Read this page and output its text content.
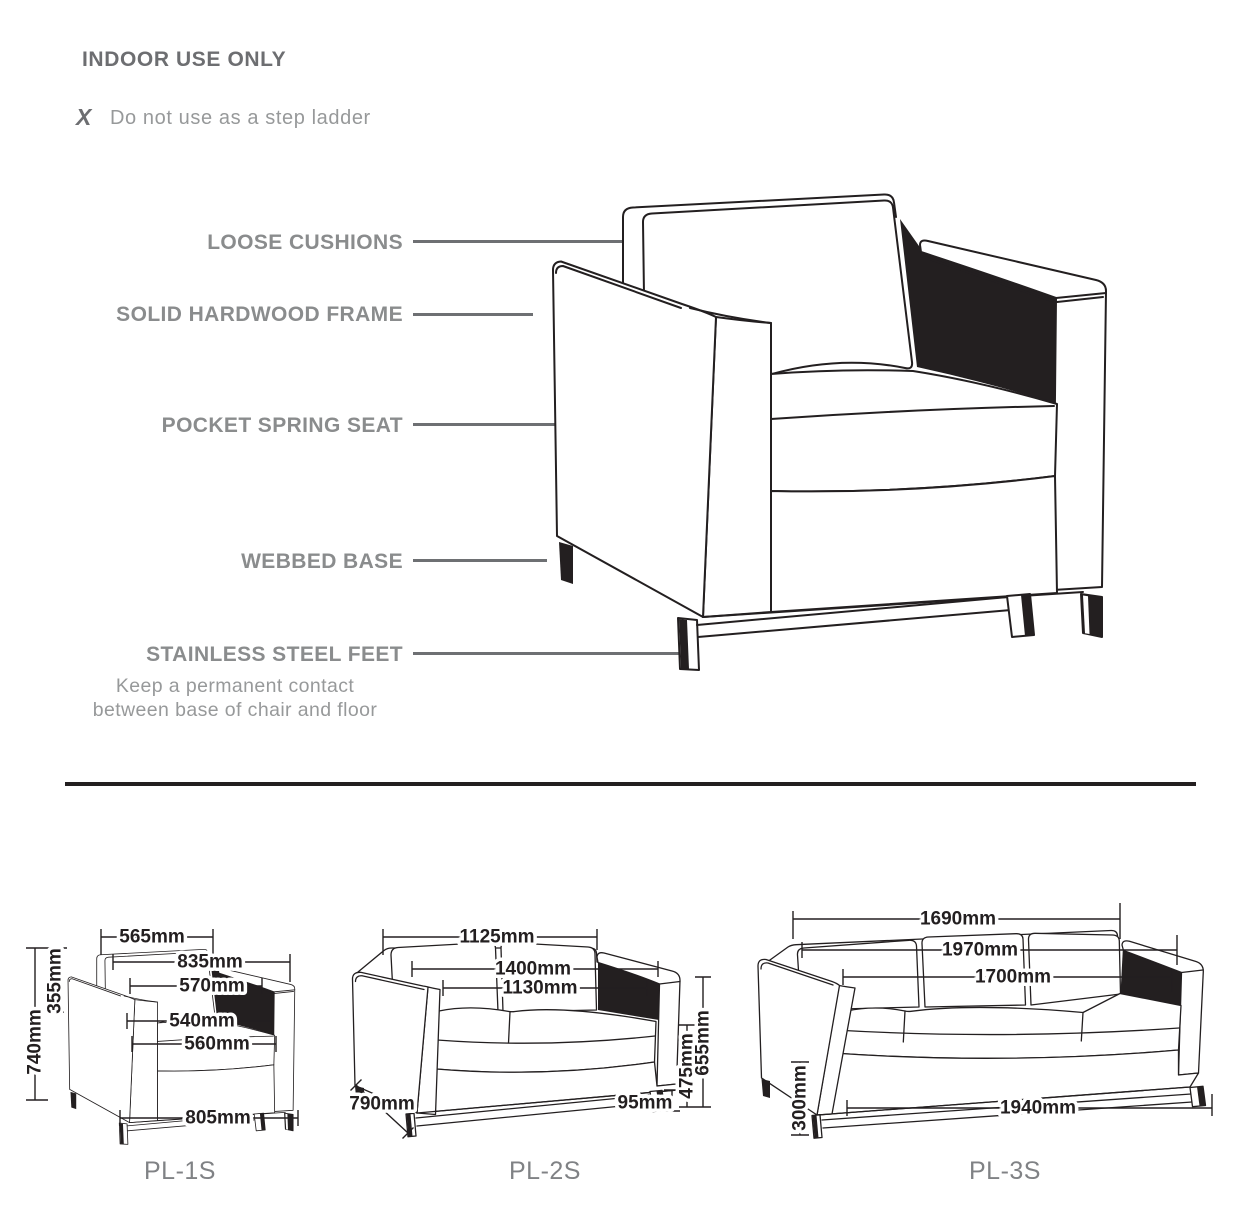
INDOOR USE ONLY
X Do not use as a step ladder
LOOSE CUSHIONS
SOLID HARDWOOD FRAME
POCKET SPRING SEAT
WEBBED BASE
STAINLESS STEEL FEET
Keep a permanent contact
between base of chair and floor
565mm
835mm
570mm
540mm
560mm
805mm
740mm
355mm
1125mm
1400mm
1130mm
790mm	95mm
475mm
655mm
1690mm
1970mm
1700mm
1940mm
300mm
PL-1S	PL-2S	PL-3S
